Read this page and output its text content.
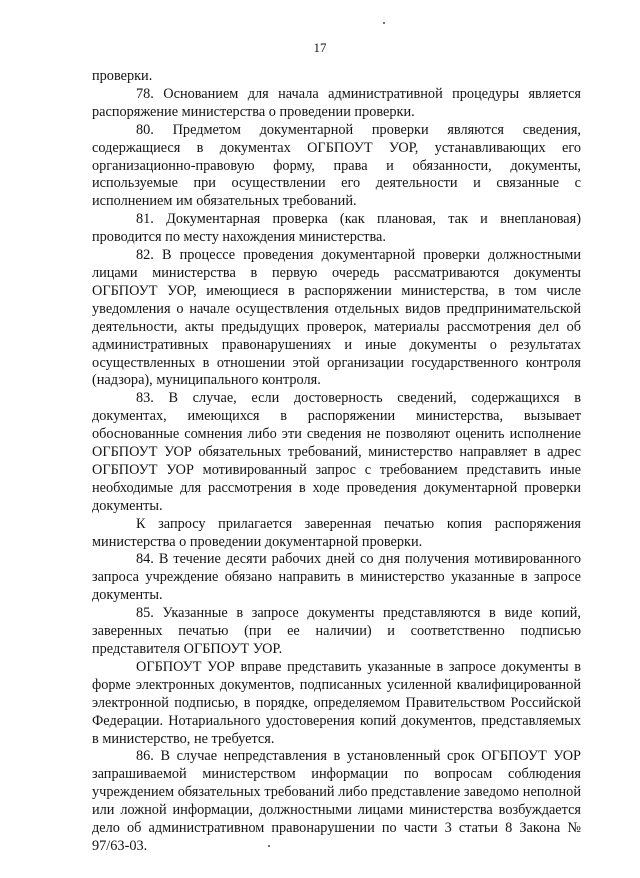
17

проверки.

78. Основанием для начала административной процедуры является распоряжение министерства о проведении проверки.

80. Предметом документарной проверки являются сведения, содержащиеся в документах ОГБПОУТ УОР, устанавливающих его организационно-правовую форму, права и обязанности, документы, используемые при осуществлении его деятельности и связанные с исполнением им обязательных требований.

81. Документарная проверка (как плановая, так и внеплановая) проводится по месту нахождения министерства.

82. В процессе проведения документарной проверки должностными лицами министерства в первую очередь рассматриваются документы ОГБПОУТ УОР, имеющиеся в распоряжении министерства, в том числе уведомления о начале осуществления отдельных видов предпринимательской деятельности, акты предыдущих проверок, материалы рассмотрения дел об административных правонарушениях и иные документы о результатах осуществленных в отношении этой организации государственного контроля (надзора), муниципального контроля.

83. В случае, если достоверность сведений, содержащихся в документах, имеющихся в распоряжении министерства, вызывает обоснованные сомнения либо эти сведения не позволяют оценить исполнение ОГБПОУТ УОР обязательных требований, министерство направляет в адрес ОГБПОУТ УОР мотивированный запрос с требованием представить иные необходимые для рассмотрения в ходе проведения документарной проверки документы.

К запросу прилагается заверенная печатью копия распоряжения министерства о проведении документарной проверки.

84. В течение десяти рабочих дней со дня получения мотивированного запроса учреждение обязано направить в министерство указанные в запросе документы.

85. Указанные в запросе документы представляются в виде копий, заверенных печатью (при ее наличии) и соответственно подписью представителя ОГБПОУТ УОР.

ОГБПОУТ УОР вправе представить указанные в запросе документы в форме электронных документов, подписанных усиленной квалифицированной электронной подписью, в порядке, определяемом Правительством Российской Федерации. Нотариального удостоверения копий документов, представляемых в министерство, не требуется.

86. В случае непредставления в установленный срок ОГБПОУТ УОР запрашиваемой министерством информации по вопросам соблюдения учреждением обязательных требований либо представление заведомо неполной или ложной информации, должностными лицами министерства возбуждается дело об административном правонарушении по части 3 статьи 8 Закона № 97/63-03.
